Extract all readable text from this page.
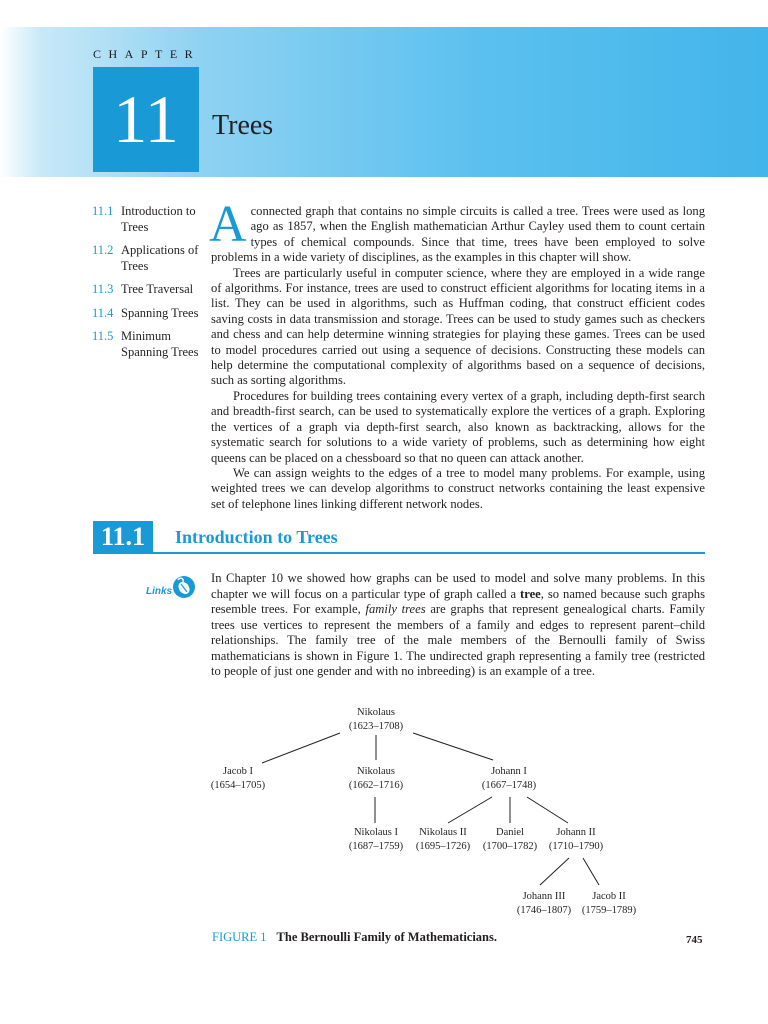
CHAPTER
11	Trees
11.1 Introduction to Trees
11.2 Applications of Trees
11.3 Tree Traversal
11.4 Spanning Trees
11.5 Minimum Spanning Trees

Aconnected graph that contains no simple circuits is called a tree. Trees were used as long ago as 1857, when the English mathematician Arthur Cayley used them to count certain types of chemical compounds. Since that time, trees have been employed to solve problems in a wide variety of disciplines, as the examples in this chapter will show.

Trees are particularly useful in computer science, where they are employed in a wide range of algorithms. For instance, trees are used to construct efficient algorithms for locating items in a list. They can be used in algorithms, such as Huffman coding, that construct efficient codes saving costs in data transmission and storage. Trees can be used to study games such as checkers and chess and can help determine winning strategies for playing these games. Trees can be used to model procedures carried out using a sequence of decisions. Constructing these models can help determine the computational complexity of algorithms based on a sequence of decisions, such as sorting algorithms.

Procedures for building trees containing every vertex of a graph, including depth-first search and breadth-first search, can be used to systematically explore the vertices of a graph. Exploring the vertices of a graph via depth-first search, also known as backtracking, allows for the systematic search for solutions to a wide variety of problems, such as determining how eight queens can be placed on a chessboard so that no queen can attack another.

We can assign weights to the edges of a tree to model many problems. For example, using weighted trees we can develop algorithms to construct networks containing the least expensive set of telephone lines linking different network nodes.

11.1	Introduction to Trees
Links

In Chapter 10 we showed how graphs can be used to model and solve many problems. In this chapter we will focus on a particular type of graph called a tree, so named because such graphs resemble trees. For example, family trees are graphs that represent genealogical charts. Family trees use vertices to represent the members of a family and edges to represent parent–child relationships. The family tree of the male members of the Bernoulli family of Swiss mathematicians is shown in Figure 1. The undirected graph representing a family tree (restricted to people of just one gender and with no inbreeding) is an example of a tree.

Nikolaus
(1623–1708)
Jacob I
(1654–1705)
Nikolaus
(1662–1716)
Johann I
(1667–1748)
Nikolaus I
(1687–1759)
Nikolaus II
(1695–1726)
Daniel
(1700–1782)
Johann II
(1710–1790)
Johann III
(1746–1807)
Jacob II
(1759–1789)
FIGURE 1 The Bernoulli Family of Mathematicians.	745
